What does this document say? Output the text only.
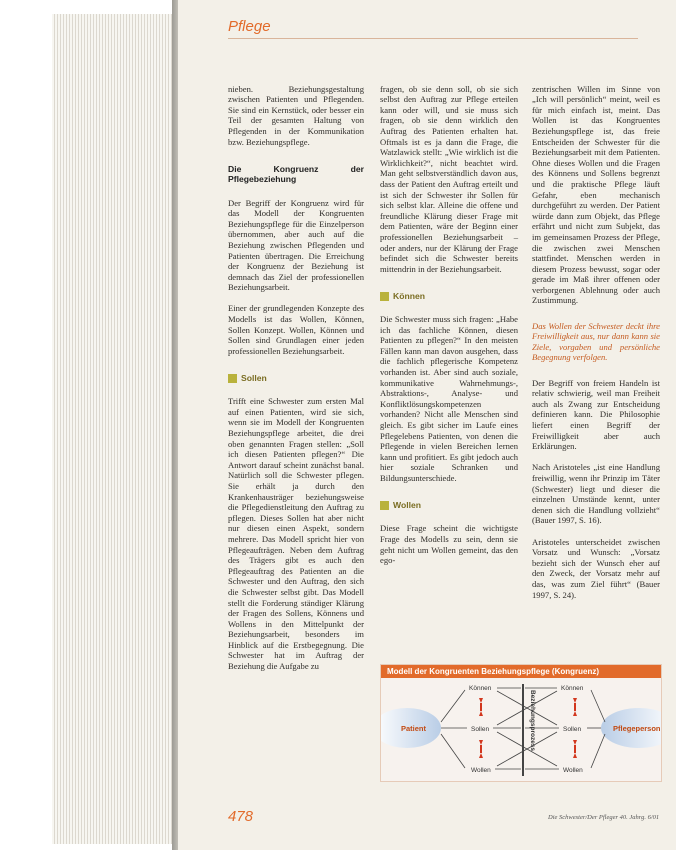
Pflege

nieben. Beziehungsgestaltung zwischen Patienten und Pflegenden. Sie sind ein Kernstück, oder besser ein Teil der gesamten Haltung von Pflegenden in der Kommunikation bzw. Beziehungspflege.

Die Kongruenz der Pflegebeziehung

Der Begriff der Kongruenz wird für das Modell der Kongruenten Beziehungspflege für die Einzelperson übernommen, aber auch auf die Beziehung zwischen Pflegenden und Patienten übertragen. Die Erreichung der Kongruenz der Beziehung ist demnach das Ziel der professionellen Beziehungsarbeit.

Einer der grundlegenden Konzepte des Modells ist das Wollen, Können, Sollen Konzept. Wollen, Können und Sollen sind Grundlagen einer jeden professionellen Beziehungsarbeit.

Sollen

Trifft eine Schwester zum ersten Mal auf einen Patienten, wird sie sich, wenn sie im Modell der Kongruenten Beziehungspflege arbeitet, die drei oben genannten Fragen stellen: „Soll ich diesen Patienten pflegen?“ Die Antwort darauf scheint zunächst banal. Natürlich soll die Schwester pflegen. Sie erhält ja durch den Krankenhausträger beziehungsweise die Pflegedienstleitung den Auftrag zu pflegen. Dieses Sollen hat aber nicht nur diesen einen Aspekt, sondern mehrere. Das Modell spricht hier von Pflegeaufträgen. Neben dem Auftrag des Trägers gibt es auch den Pflegeauftrag des Patienten an die Schwester und den Auftrag, den sich die Schwester selbst gibt. Das Modell stellt die Forderung ständiger Klärung der Fragen des Sollens, Könnens und Wollens in den Mittelpunkt der Beziehungsarbeit, besonders im Hinblick auf die Erstbegegnung. Die Schwester hat im Auftrag der Beziehung die Aufgabe zu

fragen, ob sie denn soll, ob sie sich selbst den Auftrag zur Pflege erteilen kann oder will, und sie muss sich fragen, ob sie denn wirklich den Auftrag des Patienten erhalten hat. Oftmals ist es ja dann die Frage, die Watzlawick stellt: „Wie wirklich ist die Wirklichkeit?“, nicht beachtet wird. Man geht selbstverständlich davon aus, dass der Patient den Auftrag erteilt und ist sich der Schwester ihr Sollen für sich selbst klar. Alleine die offene und freundliche Klärung dieser Frage mit dem Patienten, wäre der Beginn einer professionellen Beziehungsarbeit – oder anders, nur der Klärung der Frage befindet sich die Schwester bereits mittendrin in der Beziehungsarbeit.

Können

Die Schwester muss sich fragen: „Habe ich das fachliche Können, diesen Patienten zu pflegen?“ In den meisten Fällen kann man davon ausgehen, dass die fachlich pflegerische Kompetenz vorhanden ist. Aber sind auch soziale, kommunikative Wahrnehmungs-, Abstraktions-, Analyse- und Konfliktlösungskompetenzen vorhanden? Nicht alle Menschen sind gleich. Es gibt sicher im Laufe eines Pflegelebens Patienten, von denen die Pflegende in vielen Bereichen lernen kann und profitiert. Es gibt jedoch auch hier soziale Schranken und Bildungsunterschiede.

Wollen

Diese Frage scheint die wichtigste Frage des Modells zu sein, denn sie geht nicht um Wollen gemeint, das den ego-

zentrischen Willen im Sinne von „Ich will persönlich“ meint, weil es für mich einfach ist, meint. Das Wollen ist das Kongruentes Beziehungspflege ist, das freie Entscheiden der Schwester für die Beziehungsarbeit mit dem Patienten. Ohne dieses Wollen und die Fragen des Könnens und Sollens begrenzt und die praktische Pflege läuft Gefahr, eben mechanisch durchgeführt zu werden. Der Patient würde dann zum Objekt, das Pflege erfährt und nicht zum Subjekt, das im gemeinsamen Prozess der Pflege, die zwischen zwei Menschen stattfindet. Menschen werden in diesem Prozess bewusst, sogar oder gerade im Maß ihrer offenen oder verborgenen Ablehnung oder auch Zustimmung.

Das Wollen der Schwester deckt ihre Freiwilligkeit aus, nur dann kann sie Ziele, vorgaben und persönliche Begegnung verfolgen.

Der Begriff von freiem Handeln ist relativ schwierig, weil man Freiheit auch als Zwang zur Entscheidung definieren kann. Die Philosophie liefert einen Begriff der Freiwilligkeit aber auch Erklärungen.

Nach Aristoteles „ist eine Handlung freiwillig, wenn ihr Prinzip im Täter (Schwester) liegt und dieser die einzelnen Umstände kennt, unter denen sich die Handlung vollzieht“ (Bauer 1997, S. 16).

Aristoteles unterscheidet zwischen Vorsatz und Wunsch: „Vorsatz bezieht sich der Wunsch eher auf den Zweck, der Vorsatz mehr auf das, was zum Ziel führt“ (Bauer 1997, S. 24).

Modell der Kongruenten Beziehungspflege (Kongruenz)
Patient	Pflegeperson
Beziehungsprozess
Können
Sollen
Wollen
Können
Sollen
Wollen
478	Die Schwester/Der Pfleger 40. Jahrg. 6/01
